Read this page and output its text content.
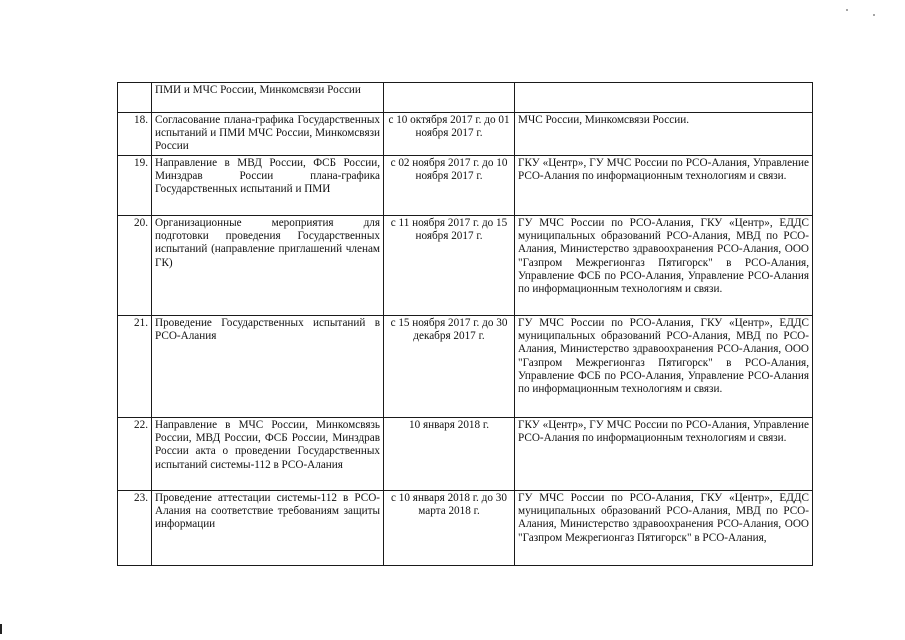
	ПМИ и МЧС России, Минкомсвязи России		
18.	Согласование плана-графика Государственных испытаний и ПМИ МЧС России, Минкомсвязи России	с 10 октября 2017 г. до 01 ноября 2017 г.	МЧС России, Минкомсвязи России.
19.	Направление в МВД России, ФСБ России, Минздрав России плана-графика Государственных испытаний и ПМИ	с 02 ноября 2017 г. до 10 ноября 2017 г.	ГКУ «Центр», ГУ МЧС России по РСО-Алания, Управление РСО-Алания по информационным технологиям и связи.
20.	Организационные мероприятия для подготовки проведения Государственных испытаний (направление приглашений членам ГК)	с 11 ноября 2017 г. до 15 ноября 2017 г.	ГУ МЧС России по РСО-Алания, ГКУ «Центр», ЕДДС муниципальных образований РСО-Алания, МВД по РСО-Алания, Министерство здравоохранения РСО-Алания, ООО "Газпром Межрегионгаз Пятигорск" в РСО-Алания, Управление ФСБ по РСО-Алания, Управление РСО-Алания по информационным технологиям и связи.
21.	Проведение Государственных испытаний в РСО-Алания	с 15 ноября 2017 г. до 30 декабря 2017 г.	ГУ МЧС России по РСО-Алания, ГКУ «Центр», ЕДДС муниципальных образований РСО-Алания, МВД по РСО-Алания, Министерство здравоохранения РСО-Алания, ООО "Газпром Межрегионгаз Пятигорск" в РСО-Алания, Управление ФСБ по РСО-Алания, Управление РСО-Алания по информационным технологиям и связи.
22.	Направление в МЧС России, Минкомсвязь России, МВД России, ФСБ России, Минздрав России акта о проведении Государственных испытаний системы-112 в РСО-Алания	10 января 2018 г.	ГКУ «Центр», ГУ МЧС России по РСО-Алания, Управление РСО-Алания по информационным технологиям и связи.
23.	Проведение аттестации системы-112 в РСО-Алания на соответствие требованиям защиты информации	с 10 января 2018 г. до 30 марта 2018 г.	ГУ МЧС России по РСО-Алания, ГКУ «Центр», ЕДДС муниципальных образований РСО-Алания, МВД по РСО-Алания, Министерство здравоохранения РСО-Алания, ООО "Газпром Межрегионгаз Пятигорск" в РСО-Алания,
